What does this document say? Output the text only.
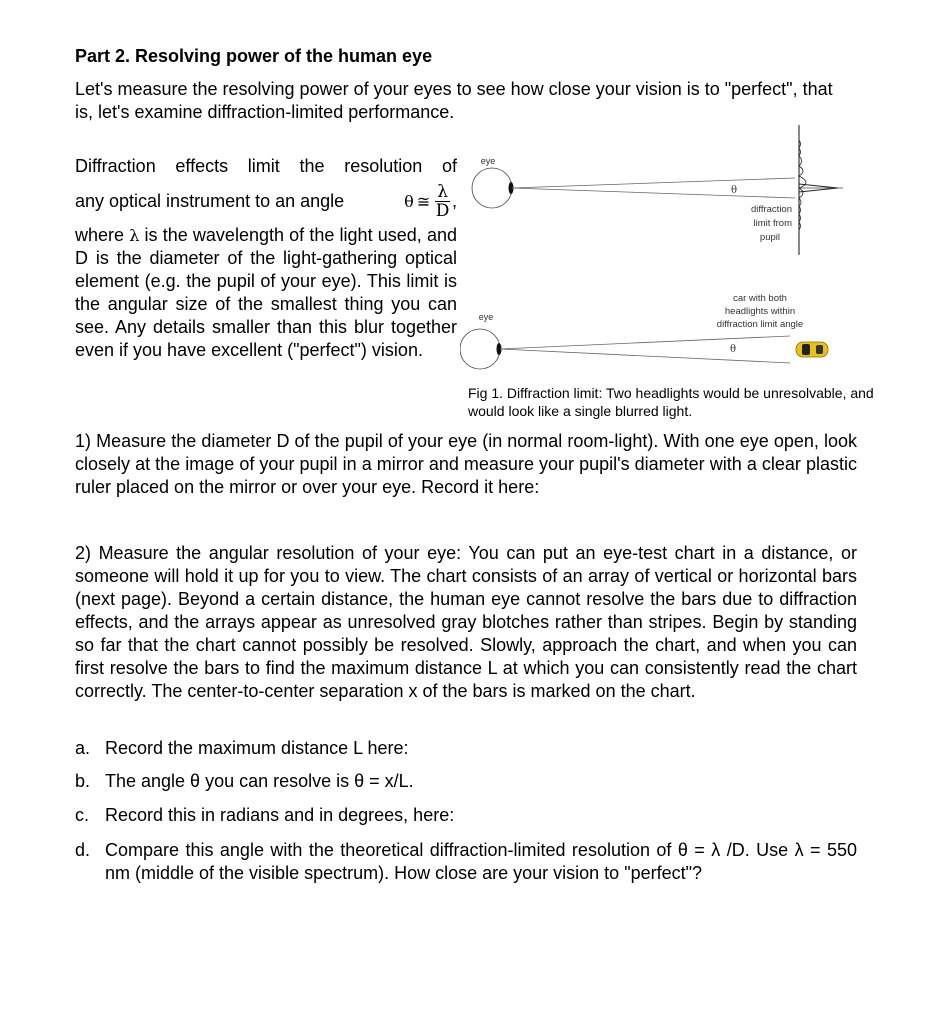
Part 2. Resolving power of the human eye
Let's measure the resolving power of your eyes to see how close your vision is to "perfect", that is, let's examine diffraction-limited performance.
Diffraction effects limit the resolution of
any optical instrument to an angle	θ ≅ $\frac{\lambda}{D}$ ,
where λ is the wavelength of the light used, and D is the diameter of the light-gathering optical element (e.g. the pupil of your eye). This limit is the angular size of the smallest thing you can see. Any details smaller than this blur together even if you have excellent ("perfect") vision.
eye
θ
diffraction
limit from
pupil
eye
θ
car with both
headlights within
diffraction limit angle
Fig 1. Diffraction limit: Two headlights would be unresolvable, and would look like a single blurred light.
1) Measure the diameter D of the pupil of your eye (in normal room-light). With one eye open, look closely at the image of your pupil in a mirror and measure your pupil's diameter with a clear plastic ruler placed on the mirror or over your eye. Record it here:
2) Measure the angular resolution of your eye: You can put an eye-test chart in a distance, or someone will hold it up for you to view. The chart consists of an array of vertical or horizontal bars (next page). Beyond a certain distance, the human eye cannot resolve the bars due to diffraction effects, and the arrays appear as unresolved gray blotches rather than stripes. Begin by standing so far that the chart cannot possibly be resolved. Slowly, approach the chart, and when you can first resolve the bars to find the maximum distance L at which you can consistently read the chart correctly. The center-to-center separation x of the bars is marked on the chart.
a. Record the maximum distance L here:
b. The angle θ you can resolve is θ = x/L.
c. Record this in radians and in degrees, here:
d. Compare this angle with the theoretical diffraction-limited resolution of θ = λ /D. Use λ = 550 nm (middle of the visible spectrum). How close are your vision to "perfect"?
